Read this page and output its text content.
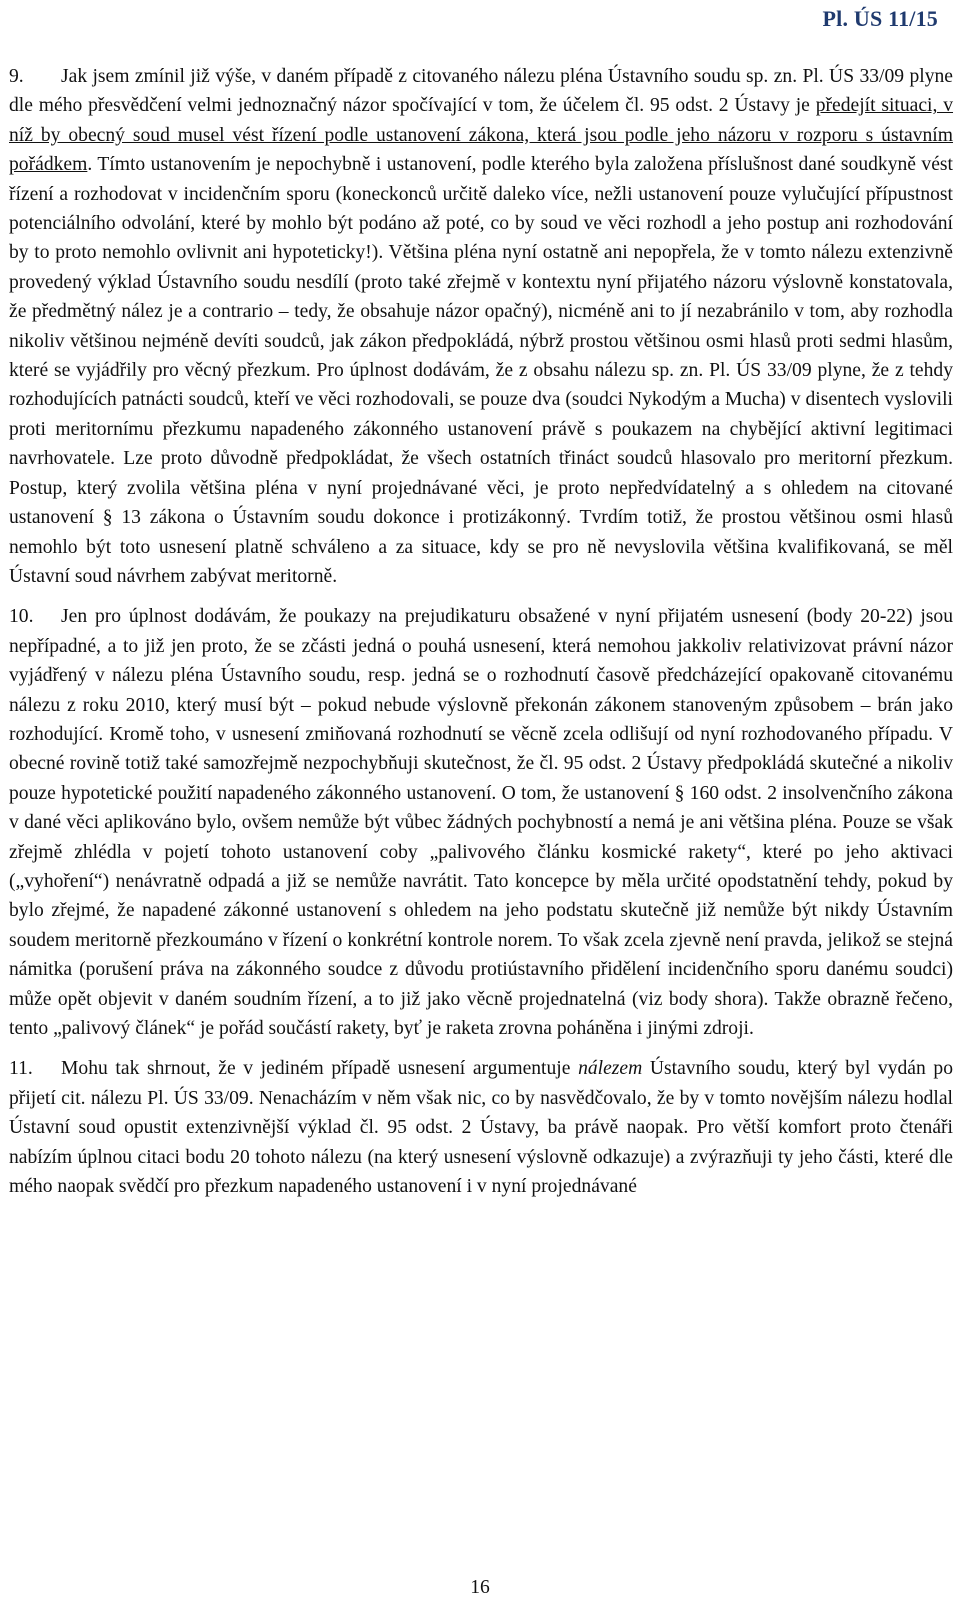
Pl. ÚS 11/15

9. Jak jsem zmínil již výše, v daném případě z citovaného nálezu pléna Ústavního soudu sp. zn. Pl. ÚS 33/09 plyne dle mého přesvědčení velmi jednoznačný názor spočívající v tom, že účelem čl. 95 odst. 2 Ústavy je předejít situaci, v níž by obecný soud musel vést řízení podle ustanovení zákona, která jsou podle jeho názoru v rozporu s ústavním pořádkem. Tímto ustanovením je nepochybně i ustanovení, podle kterého byla založena příslušnost dané soudkyně vést řízení a rozhodovat v incidenčním sporu (koneckonců určitě daleko více, nežli ustanovení pouze vylučující přípustnost potenciálního odvolání, které by mohlo být podáno až poté, co by soud ve věci rozhodl a jeho postup ani rozhodování by to proto nemohlo ovlivnit ani hypoteticky!). Většina pléna nyní ostatně ani nepopřela, že v tomto nálezu extenzivně provedený výklad Ústavního soudu nesdílí (proto také zřejmě v kontextu nyní přijatého názoru výslovně konstatovala, že předmětný nález je a contrario – tedy, že obsahuje názor opačný), nicméně ani to jí nezabránilo v tom, aby rozhodla nikoliv většinou nejméně devíti soudců, jak zákon předpokládá, nýbrž prostou většinou osmi hlasů proti sedmi hlasům, které se vyjádřily pro věcný přezkum. Pro úplnost dodávám, že z obsahu nálezu sp. zn. Pl. ÚS 33/09 plyne, že z tehdy rozhodujících patnácti soudců, kteří ve věci rozhodovali, se pouze dva (soudci Nykodým a Mucha) v disentech vyslovili proti meritornímu přezkumu napadeného zákonného ustanovení právě s poukazem na chybějící aktivní legitimaci navrhovatele. Lze proto důvodně předpokládat, že všech ostatních třináct soudců hlasovalo pro meritorní přezkum. Postup, který zvolila většina pléna v nyní projednávané věci, je proto nepředvídatelný a s ohledem na citované ustanovení § 13 zákona o Ústavním soudu dokonce i protizákonný. Tvrdím totiž, že prostou většinou osmi hlasů nemohlo být toto usnesení platně schváleno a za situace, kdy se pro ně nevyslovila většina kvalifikovaná, se měl Ústavní soud návrhem zabývat meritorně.

10. Jen pro úplnost dodávám, že poukazy na prejudikaturu obsažené v nyní přijatém usnesení (body 20-22) jsou nepřípadné, a to již jen proto, že se zčásti jedná o pouhá usnesení, která nemohou jakkoliv relativizovat právní názor vyjádřený v nálezu pléna Ústavního soudu, resp. jedná se o rozhodnutí časově předcházející opakovaně citovanému nálezu z roku 2010, který musí být – pokud nebude výslovně překonán zákonem stanoveným způsobem – brán jako rozhodující. Kromě toho, v usnesení zmiňovaná rozhodnutí se věcně zcela odlišují od nyní rozhodovaného případu. V obecné rovině totiž také samozřejmě nezpochybňuji skutečnost, že čl. 95 odst. 2 Ústavy předpokládá skutečné a nikoliv pouze hypotetické použití napadeného zákonného ustanovení. O tom, že ustanovení § 160 odst. 2 insolvenčního zákona v dané věci aplikováno bylo, ovšem nemůže být vůbec žádných pochybností a nemá je ani většina pléna. Pouze se však zřejmě zhlédla v pojetí tohoto ustanovení coby „palivového článku kosmické rakety“, které po jeho aktivaci („vyhoření“) nenávratně odpadá a již se nemůže navrátit. Tato koncepce by měla určité opodstatnění tehdy, pokud by bylo zřejmé, že napadené zákonné ustanovení s ohledem na jeho podstatu skutečně již nemůže být nikdy Ústavním soudem meritorně přezkoumáno v řízení o konkrétní kontrole norem. To však zcela zjevně není pravda, jelikož se stejná námitka (porušení práva na zákonného soudce z důvodu protiústavního přidělení incidenčního sporu danému soudci) může opět objevit v daném soudním řízení, a to již jako věcně projednatelná (viz body shora). Takže obrazně řečeno, tento „palivový článek“ je pořád součástí rakety, byť je raketa zrovna poháněna i jinými zdroji.

11. Mohu tak shrnout, že v jediném případě usnesení argumentuje nálezem Ústavního soudu, který byl vydán po přijetí cit. nálezu Pl. ÚS 33/09. Nenacházím v něm však nic, co by nasvědčovalo, že by v tomto novějším nálezu hodlal Ústavní soud opustit extenzivnější výklad čl. 95 odst. 2 Ústavy, ba právě naopak. Pro větší komfort proto čtenáři nabízím úplnou citaci bodu 20 tohoto nálezu (na který usnesení výslovně odkazuje) a zvýrazňuji ty jeho části, které dle mého naopak svědčí pro přezkum napadeného ustanovení i v nyní projednávané

16
